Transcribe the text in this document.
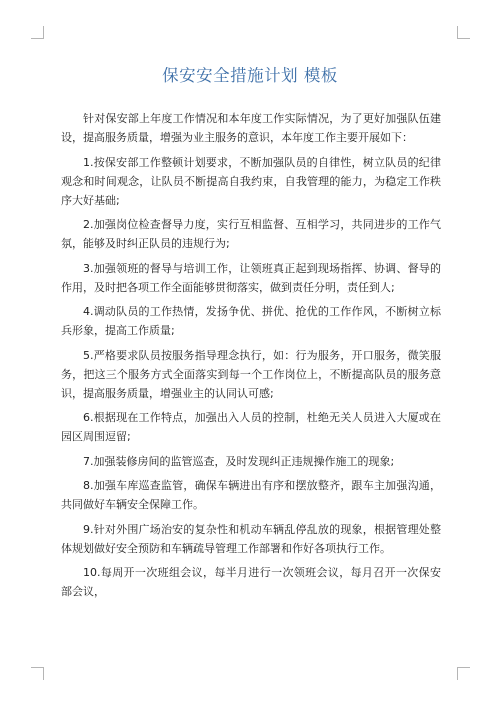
保安安全措施计划 模板

针对保安部上年度工作情况和本年度工作实际情况，为了更好加强队伍建设，提高服务质量，增强为业主服务的意识，本年度工作主要开展如下：

1.按保安部工作整顿计划要求，不断加强队员的自律性，树立队员的纪律观念和时间观念，让队员不断提高自我约束，自我管理的能力，为稳定工作秩序大好基础;

2.加强岗位检查督导力度，实行互相监督、互相学习，共同进步的工作气氛，能够及时纠正队员的违规行为;

3.加强领班的督导与培训工作，让领班真正起到现场指挥、协调、督导的作用，及时把各项工作全面能够贯彻落实，做到责任分明，责任到人;

4.调动队员的工作热情，发扬争优、拼优、抢优的工作作风，不断树立标兵形象，提高工作质量;

5.严格要求队员按服务指导理念执行，如：行为服务，开口服务，微笑服务，把这三个服务方式全面落实到每一个工作岗位上，不断提高队员的服务意识，提高服务质量，增强业主的认同认可感;

6.根据现在工作特点，加强出入人员的控制，杜绝无关人员进入大厦或在园区周围逗留;

7.加强装修房间的监管巡查，及时发现纠正违规操作施工的现象;

8.加强车库巡查监管，确保车辆进出有序和摆放整齐，跟车主加强沟通，共同做好车辆安全保障工作。

9.针对外围广场治安的复杂性和机动车辆乱停乱放的现象，根据管理处整体规划做好安全预防和车辆疏导管理工作部署和作好各项执行工作。

10.每周开一次班组会议，每半月进行一次领班会议，每月召开一次保安部会议，
